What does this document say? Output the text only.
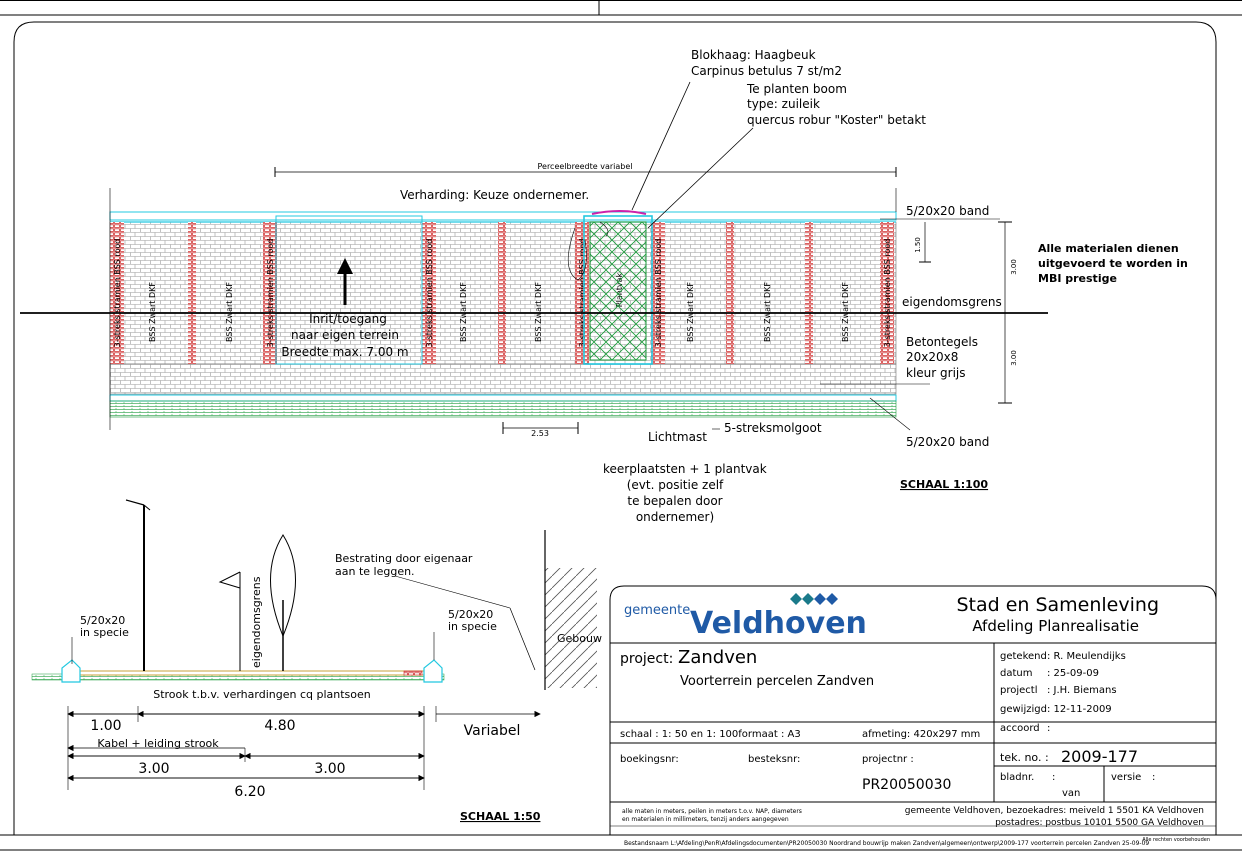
3-streks stramien BSS rood	3-streks stramien BSS rood	3-streks stramien BSS rood	3-streks stramien BSS rood	3-streks stramien BSS rood	3-streks stramien BSS rood
BSS Zwart DKF	BSS Zwart DKF	BSS Zwart DKF	BSS Zwart DKF	BSS Zwart DKF	BSS Zwart DKF	BSS Zwart DKF
Perceelbreedte variabel
Verharding: Keuze ondernemer.
Blokhaag: Haagbeuk
Carpinus betulus 7 st/m2
Te planten boom
type: zuileik
quercus robur "Koster" betakt
5/20x20 band
Alle materialen dienen
uitgevoerd te worden in
MBI prestige
eigendomsgrens
Betontegels
20x20x8
kleur grijs
5/20x20 band
1.50
3.00
3.00
Inrit/toegang
naar eigen terrein
Breedte max. 7.00 m
2.53	Lichtmast
5-streksmolgoot
keerplaatsten + 1 plantvak
(evt. positie zelf
te bepalen door
ondernemer)
SCHAAL 1:100
eigendomsgrens
Bestrating door eigenaar
aan te leggen.
5/20x20
in specie
5/20x20
in specie
Gebouw
Strook t.b.v. verhardingen cq plantsoen
1.00	4.80	Variabel
Kabel + leiding strook
3.00	3.00
6.20
SCHAAL 1:50
gemeente Veldhoven
Stad en Samenleving
Afdeling Planrealisatie
project: Zandven
Voorterrein percelen Zandven
getekend : R. Meulendijks
datum : 25-09-09
projectl : J.H. Biemans
gewijzigd : 12-11-2009
accoord :
schaal : 1: 50 en 1: 100formaat : A3	afmeting: 420x297 mm
boekingsnr:	besteksnr:	projectnr :
PR20050030
tek. no. : 2009-177
bladnr. :	versie :
van
alle maten in meters, peilen in meters t.o.v. NAP, diameters
en materialen in millimeters, tenzij anders aangegeven
gemeente Veldhoven, bezoekadres: meiveld 1 5501 KA Veldhoven
postadres: postbus 10101 5500 GA Veldhoven
Bestandsnaam L:\Afdeling\PenR\Afdelingsdocumenten\PR20050030 Noordrand bouwrijp maken Zandven\algemeen\ontwerp\2009-177 voorterrein percelen Zandven 25-09-09
Alle rechten voorbehouden
